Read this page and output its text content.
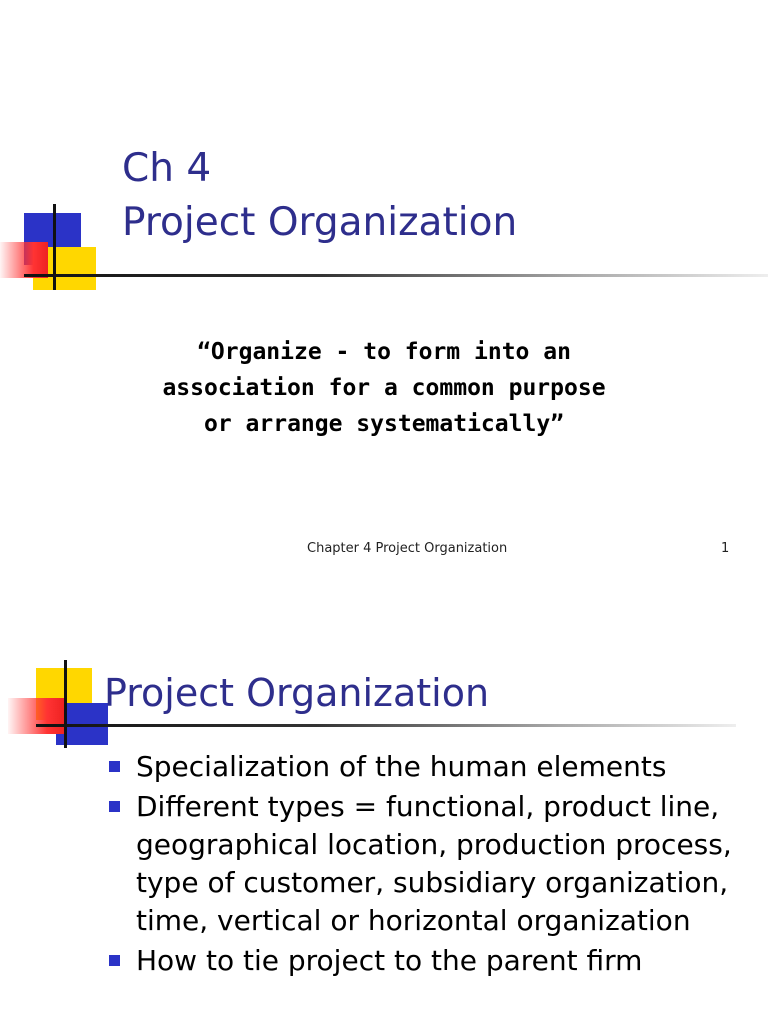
Ch 4
Project Organization
“Organize - to form into an
association for a common purpose
or arrange systematically”
Chapter 4 Project Organization	1
Project Organization
Specialization of the human elements
Different types = functional, product line, geographical location, production process, type of customer, subsidiary organization, time, vertical or horizontal organization
How to tie project to the parent firm
